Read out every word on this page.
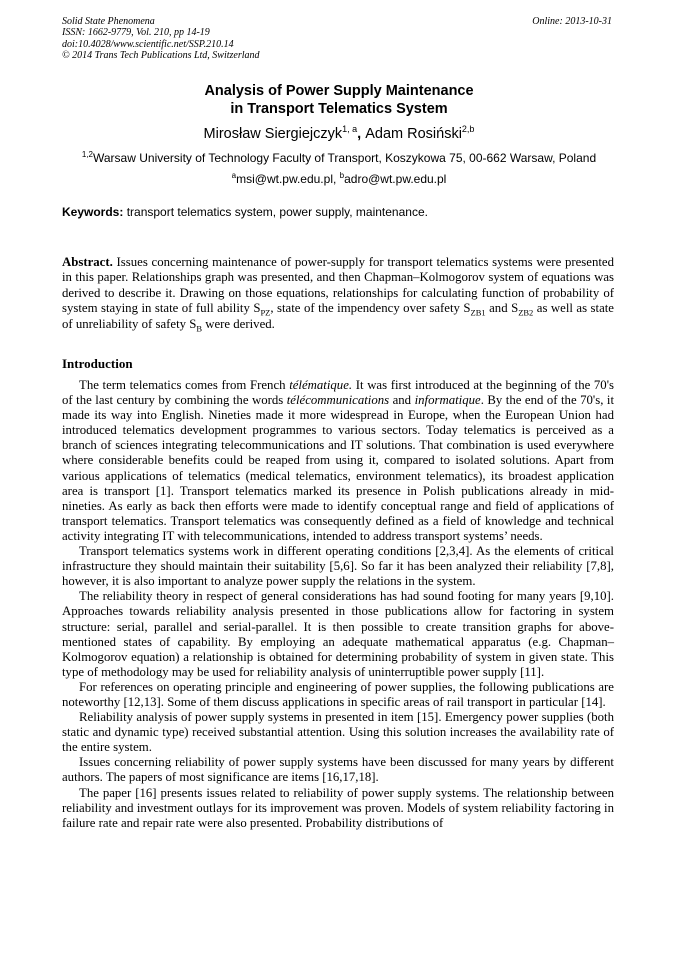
Solid State Phenomena
ISSN: 1662-9779, Vol. 210, pp 14-19
doi:10.4028/www.scientific.net/SSP.210.14
© 2014 Trans Tech Publications Ltd, Switzerland
Online: 2013-10-31
Analysis of Power Supply Maintenance
in Transport Telematics System
Mirosław Siergiejczyk$^{1, a}$, Adam Rosiński$^{2,b}$
$^{1,2}$Warsaw University of Technology Faculty of Transport, Koszykowa 75, 00-662 Warsaw, Poland
$^a$msi@wt.pw.edu.pl, $^b$adro@wt.pw.edu.pl
Keywords: transport telematics system, power supply, maintenance.
Abstract. Issues concerning maintenance of power-supply for transport telematics systems were presented in this paper. Relationships graph was presented, and then Chapman–Kolmogorov system of equations was derived to describe it. Drawing on those equations, relationships for calculating function of probability of system staying in state of full ability $S_{PZ}$, state of the impendency over safety $S_{ZB1}$ and $S_{ZB2}$ as well as state of unreliability of safety $S_B$ were derived.
Introduction

The term telematics comes from French télématique. It was first introduced at the beginning of the 70's of the last century by combining the words télécommunications and informatique. By the end of the 70's, it made its way into English. Nineties made it more widespread in Europe, when the European Union had introduced telematics development programmes to various sectors. Today telematics is perceived as a branch of sciences integrating telecommunications and IT solutions. That combination is used everywhere where considerable benefits could be reaped from using it, compared to isolated solutions. Apart from various applications of telematics (medical telematics, environment telematics), its broadest application area is transport [1]. Transport telematics marked its presence in Polish publications already in mid-nineties. As early as back then efforts were made to identify conceptual range and field of applications of transport telematics. Transport telematics was consequently defined as a field of knowledge and technical activity integrating IT with telecommunications, intended to address transport systems’ needs.

Transport telematics systems work in different operating conditions [2,3,4]. As the elements of critical infrastructure they should maintain their suitability [5,6]. So far it has been analyzed their reliability [7,8], however, it is also important to analyze power supply the relations in the system.

The reliability theory in respect of general considerations has had sound footing for many years [9,10]. Approaches towards reliability analysis presented in those publications allow for factoring in system structure: serial, parallel and serial-parallel. It is then possible to create transition graphs for above-mentioned states of capability. By employing an adequate mathematical apparatus (e.g. Chapman–Kolmogorov equation) a relationship is obtained for determining probability of system in given state. This type of methodology may be used for reliability analysis of uninterruptible power supply [11].

For references on operating principle and engineering of power supplies, the following publications are noteworthy [12,13]. Some of them discuss applications in specific areas of rail transport in particular [14].

Reliability analysis of power supply systems in presented in item [15]. Emergency power supplies (both static and dynamic type) received substantial attention. Using this solution increases the availability rate of the entire system.

Issues concerning reliability of power supply systems have been discussed for many years by different authors. The papers of most significance are items [16,17,18].

The paper [16] presents issues related to reliability of power supply systems. The relationship between reliability and investment outlays for its improvement was proven. Models of system reliability factoring in failure rate and repair rate were also presented. Probability distributions of
